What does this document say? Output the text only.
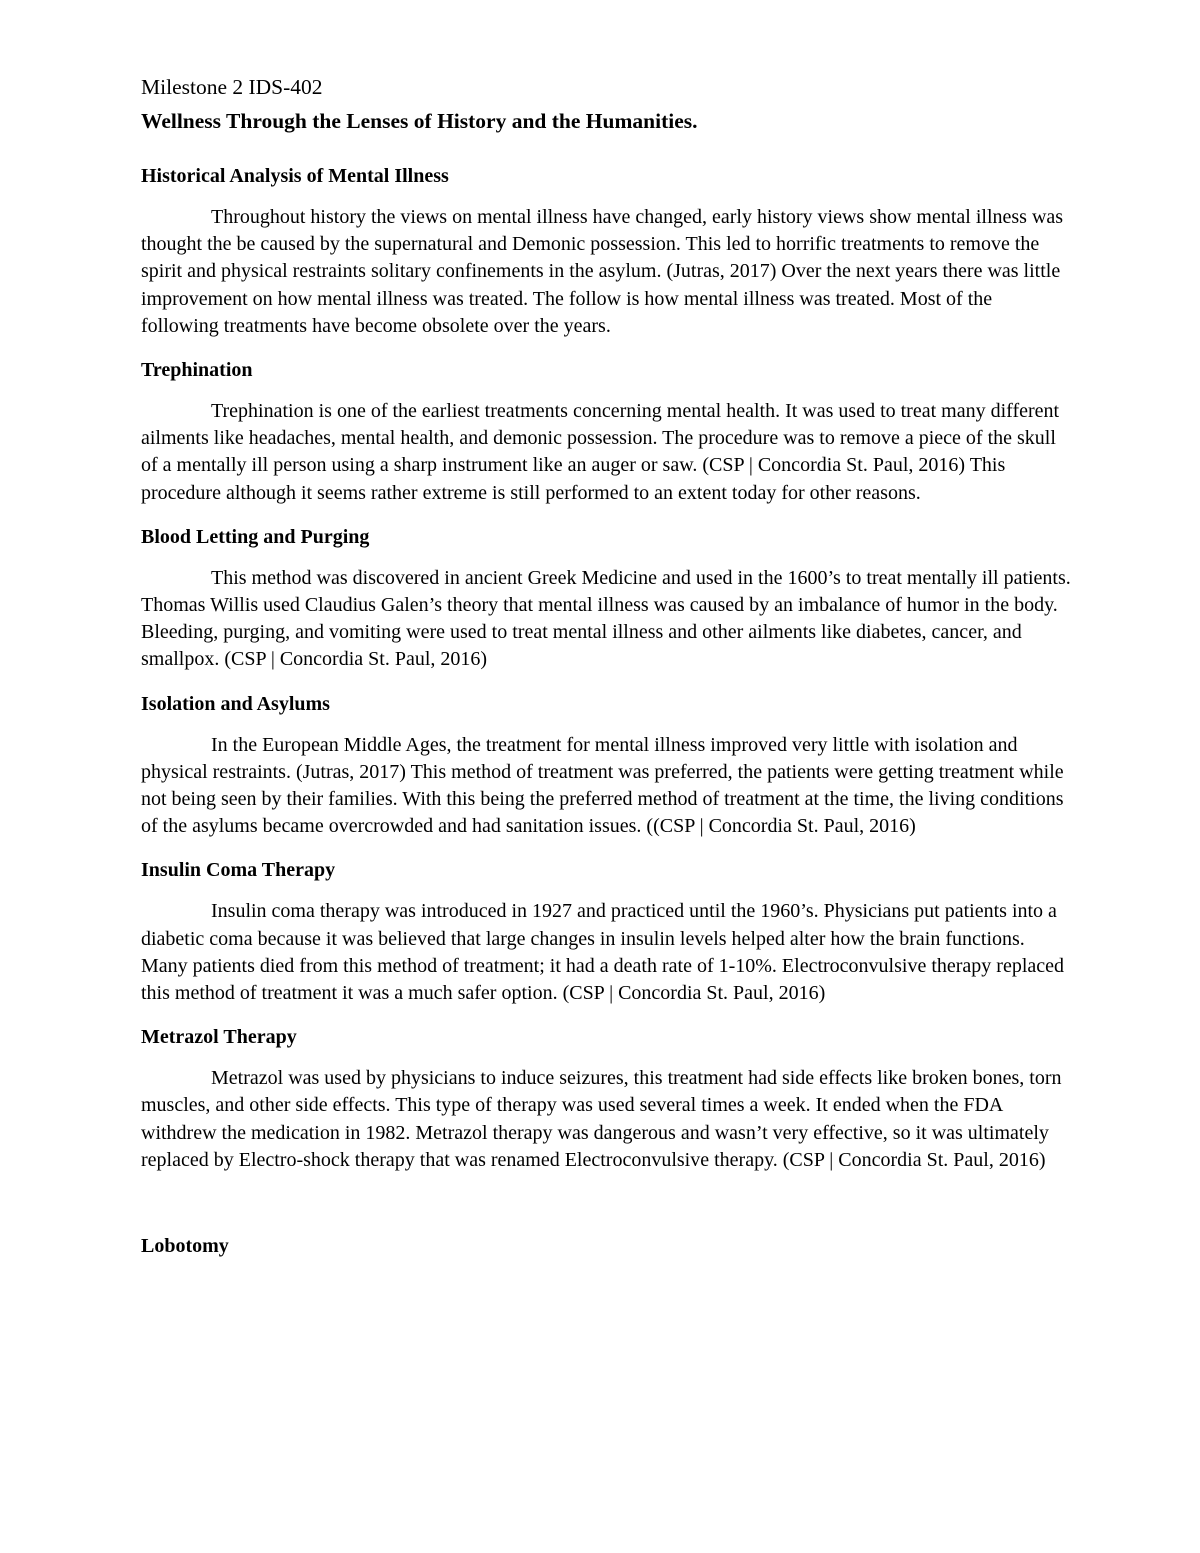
Milestone 2 IDS-402
Wellness Through the Lenses of History and the Humanities.
Historical Analysis of Mental Illness

Throughout history the views on mental illness have changed, early history views show mental illness was thought the be caused by the supernatural and Demonic possession. This led to horrific treatments to remove the spirit and physical restraints solitary confinements in the asylum. (Jutras, 2017) Over the next years there was little improvement on how mental illness was treated. The follow is how mental illness was treated. Most of the following treatments have become obsolete over the years.

Trephination

Trephination is one of the earliest treatments concerning mental health. It was used to treat many different ailments like headaches, mental health, and demonic possession. The procedure was to remove a piece of the skull of a mentally ill person using a sharp instrument like an auger or saw. (CSP | Concordia St. Paul, 2016) This procedure although it seems rather extreme is still performed to an extent today for other reasons.

Blood Letting and Purging

This method was discovered in ancient Greek Medicine and used in the 1600’s to treat mentally ill patients. Thomas Willis used Claudius Galen’s theory that mental illness was caused by an imbalance of humor in the body. Bleeding, purging, and vomiting were used to treat mental illness and other ailments like diabetes, cancer, and smallpox. (CSP | Concordia St. Paul, 2016)

Isolation and Asylums

In the European Middle Ages, the treatment for mental illness improved very little with isolation and physical restraints. (Jutras, 2017) This method of treatment was preferred, the patients were getting treatment while not being seen by their families. With this being the preferred method of treatment at the time, the living conditions of the asylums became overcrowded and had sanitation issues. ((CSP | Concordia St. Paul, 2016)

Insulin Coma Therapy

Insulin coma therapy was introduced in 1927 and practiced until the 1960’s. Physicians put patients into a diabetic coma because it was believed that large changes in insulin levels helped alter how the brain functions. Many patients died from this method of treatment; it had a death rate of 1-10%. Electroconvulsive therapy replaced this method of treatment it was a much safer option. (CSP | Concordia St. Paul, 2016)

Metrazol Therapy

Metrazol was used by physicians to induce seizures, this treatment had side effects like broken bones, torn muscles, and other side effects. This type of therapy was used several times a week. It ended when the FDA withdrew the medication in 1982. Metrazol therapy was dangerous and wasn’t very effective, so it was ultimately replaced by Electro-shock therapy that was renamed Electroconvulsive therapy. (CSP | Concordia St. Paul, 2016)

Lobotomy
